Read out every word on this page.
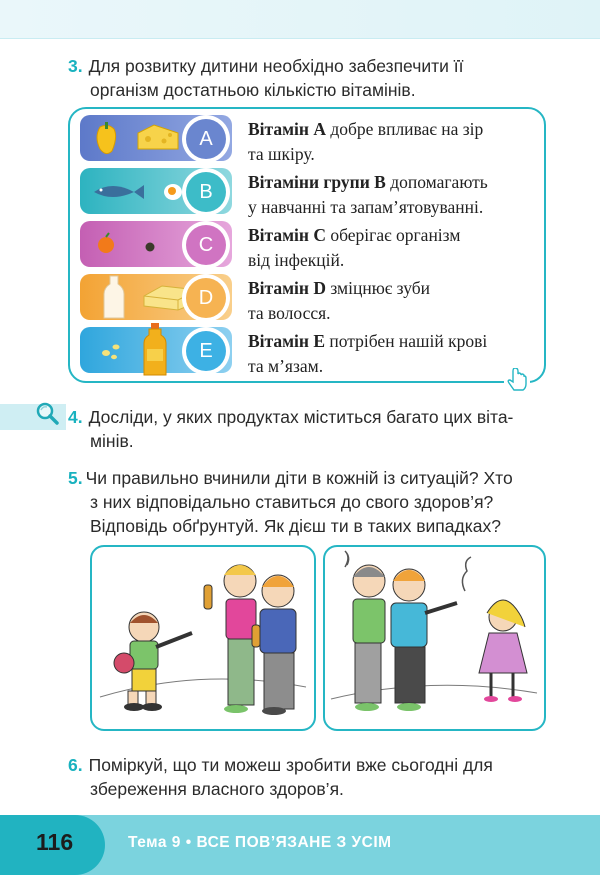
3. Для розвитку дитини необхідно забезпечити її
організм достатньою кількістю вітамінів.
A
B
C
D
E
Вітамін A добре впливає на зір
та шкіру.
Вітаміни групи B допомагають
у навчанні та запам’ятовуванні.
Вітамін C оберігає організм
від інфекцій.
Вітамін D зміцнює зуби
та волосся.
Вітамін E потрібен нашій крові
та м’язам.
4. Досліди, у яких продуктах міститься багато цих віта-
мінів.
5. Чи правильно вчинили діти в кожній із ситуацій? Хто
з них відповідально ставиться до свого здоров’я?
Відповідь обґрунтуй. Як дієш ти в таких випадках?
6. Поміркуй, що ти можеш зробити вже сьогодні для
збереження власного здоров’я.
116	Тема 9 • ВСЕ ПОВ’ЯЗАНЕ З УСІМ
